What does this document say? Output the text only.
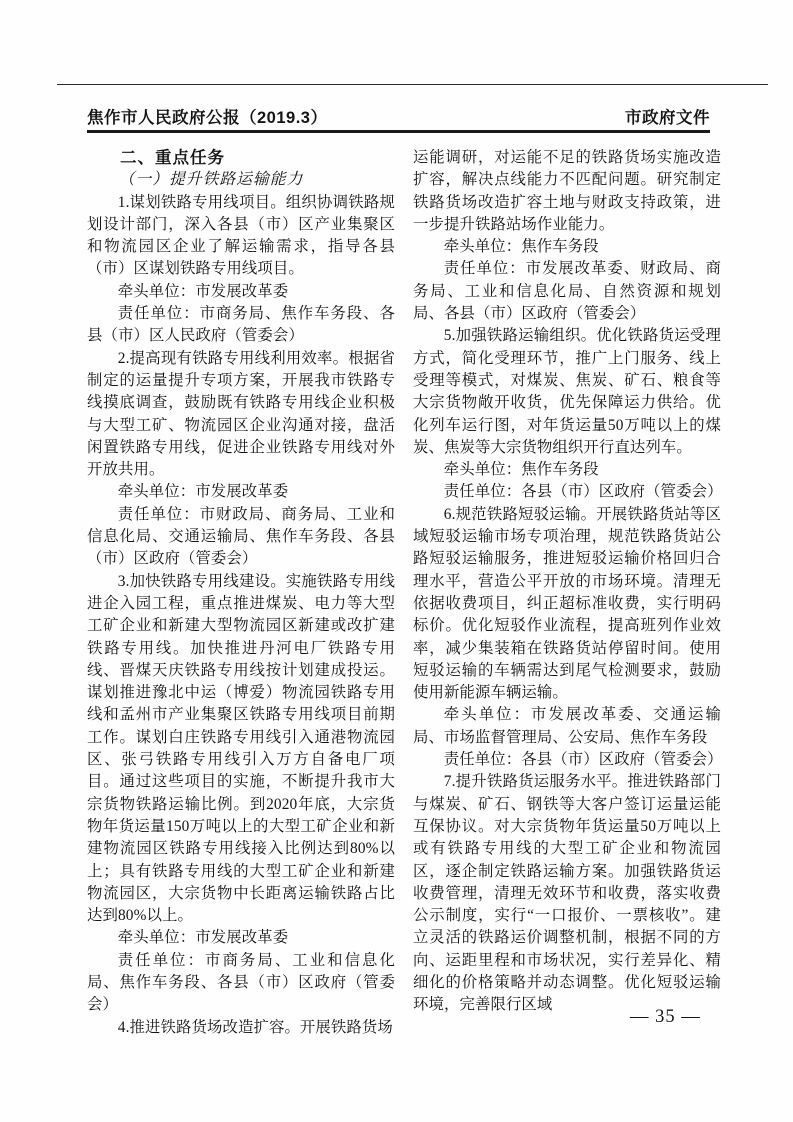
焦作市人民政府公报（2019.3）	市政府文件

二、重点任务

（一）提升铁路运输能力

1.谋划铁路专用线项目。组织协调铁路规划设计部门，深入各县（市）区产业集聚区和物流园区企业了解运输需求，指导各县（市）区谋划铁路专用线项目。

牵头单位：市发展改革委

责任单位：市商务局、焦作车务段、各县（市）区人民政府（管委会）

2.提高现有铁路专用线利用效率。根据省制定的运量提升专项方案，开展我市铁路专线摸底调查，鼓励既有铁路专用线企业积极与大型工矿、物流园区企业沟通对接，盘活闲置铁路专用线，促进企业铁路专用线对外开放共用。

牵头单位：市发展改革委

责任单位：市财政局、商务局、工业和信息化局、交通运输局、焦作车务段、各县（市）区政府（管委会）

3.加快铁路专用线建设。实施铁路专用线进企入园工程，重点推进煤炭、电力等大型工矿企业和新建大型物流园区新建或改扩建铁路专用线。加快推进丹河电厂铁路专用线、晋煤天庆铁路专用线按计划建成投运。谋划推进豫北中运（博爱）物流园铁路专用线和孟州市产业集聚区铁路专用线项目前期工作。谋划白庄铁路专用线引入通港物流园区、张弓铁路专用线引入万方自备电厂项目。通过这些项目的实施，不断提升我市大宗货物铁路运输比例。到2020年底，大宗货物年货运量150万吨以上的大型工矿企业和新建物流园区铁路专用线接入比例达到80%以上；具有铁路专用线的大型工矿企业和新建物流园区，大宗货物中长距离运输铁路占比达到80%以上。

牵头单位：市发展改革委

责任单位：市商务局、工业和信息化局、焦作车务段、各县（市）区政府（管委会）

4.推进铁路货场改造扩容。开展铁路货场

运能调研，对运能不足的铁路货场实施改造扩容，解决点线能力不匹配问题。研究制定铁路货场改造扩容土地与财政支持政策，进一步提升铁路站场作业能力。

牵头单位：焦作车务段

责任单位：市发展改革委、财政局、商务局、工业和信息化局、自然资源和规划局、各县（市）区政府（管委会）

5.加强铁路运输组织。优化铁路货运受理方式，简化受理环节，推广上门服务、线上受理等模式，对煤炭、焦炭、矿石、粮食等大宗货物敞开收货，优先保障运力供给。优化列车运行图，对年货运量50万吨以上的煤炭、焦炭等大宗货物组织开行直达列车。

牵头单位：焦作车务段

责任单位：各县（市）区政府（管委会）

6.规范铁路短驳运输。开展铁路货站等区域短驳运输市场专项治理，规范铁路货站公路短驳运输服务，推进短驳运输价格回归合理水平，营造公平开放的市场环境。清理无依据收费项目，纠正超标准收费，实行明码标价。优化短驳作业流程，提高班列作业效率，减少集装箱在铁路货站停留时间。使用短驳运输的车辆需达到尾气检测要求，鼓励使用新能源车辆运输。

牵头单位：市发展改革委、交通运输局、市场监督管理局、公安局、焦作车务段

责任单位：各县（市）区政府（管委会）

7.提升铁路货运服务水平。推进铁路部门与煤炭、矿石、钢铁等大客户签订运量运能互保协议。对大宗货物年货运量50万吨以上或有铁路专用线的大型工矿企业和物流园区，逐企制定铁路运输方案。加强铁路货运收费管理，清理无效环节和收费，落实收费公示制度，实行“一口报价、一票核收”。建立灵活的铁路运价调整机制，根据不同的方向、运距里程和市场状况，实行差异化、精细化的价格策略并动态调整。优化短驳运输环境，完善限行区域

— 35 —
